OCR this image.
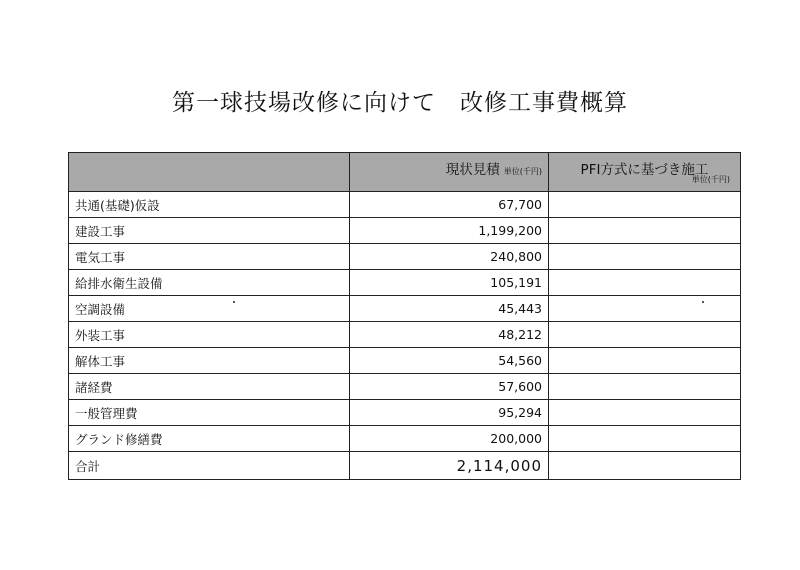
第一球技場改修に向けて　改修工事費概算
	現状見積 単位(千円)	PFI方式に基づき施工
単位(千円)

共通(基礎)仮設	67,700	
建設工事	1,199,200	
電気工事	240,800	
給排水衛生設備	105,191	
空調設備	45,443	
外装工事	48,212	
解体工事	54,560	
諸経費	57,600	
一般管理費	95,294	
グランド修繕費	200,000	
合計	2,114,000	
